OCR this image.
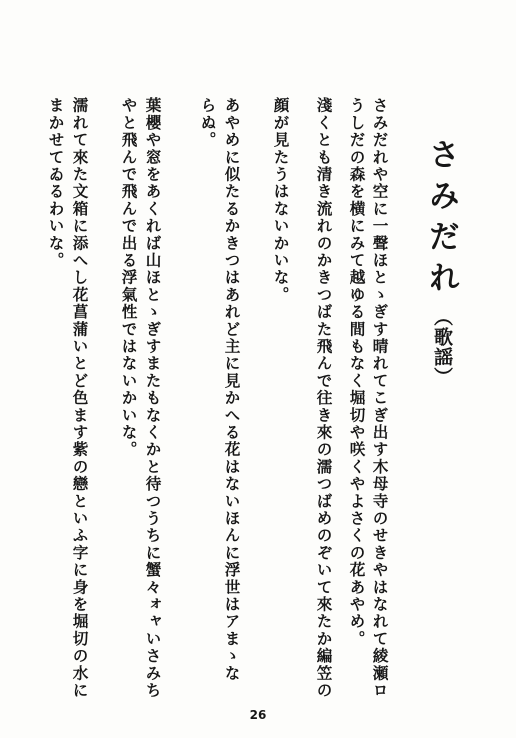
さみだれ
（歌謡）
さみだれや空に一聲ほとゝぎす晴れてこぎ出す木母寺のせきやはなれて綾瀬ロ
うしだの森を横にみて越ゆる間もなく堀切や咲くやよさくの花あやめ。
淺くとも清き流れのかきつばた飛んで往き來の濡つばめのぞいて來たか編笠の
顔が見たうはないかいな。
あやめに似たるかきつはあれど主に見かへる花はないほんに浮世はアまゝな
らぬ。
葉櫻や窓をあくれば山ほとゝぎすまたもなくかと待つうちに蟹々ォャいさみち
やと飛んで飛んで出る浮氣性ではないかいな。
濡れて來た文箱に添へし花菖蒲いとど色ます紫の戀といふ字に身を堀切の水に
まかせてゐるわいな。
26
